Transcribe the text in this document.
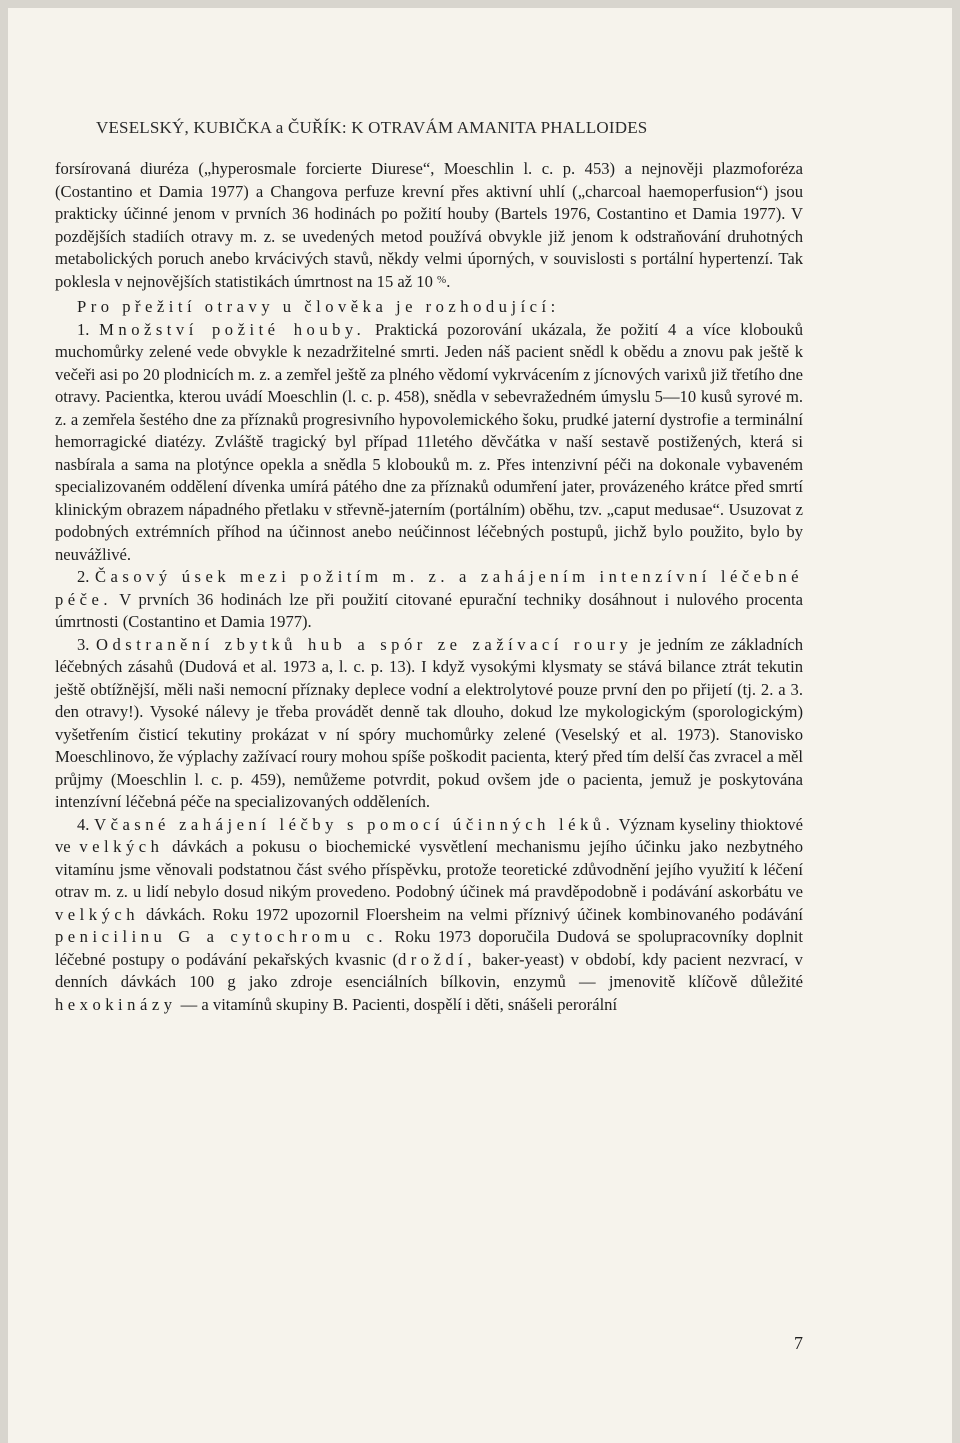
VESELSKÝ, KUBIČKA a ČUŘÍK: K OTRAVÁM AMANITA PHALLOIDES

forsírovaná diuréza („hyperosmale forcierte Diurese“, Moeschlin l. c. p. 453) a nejnověji plazmoforéza (Costantino et Damia 1977) a Changova perfuze krevní přes aktivní uhlí („charcoal haemoperfusion“) jsou prakticky účinné jenom v prvních 36 hodinách po požití houby (Bartels 1976, Costantino et Damia 1977). V pozdějších stadiích otravy m. z. se uvedených metod používá obvykle již jenom k odstraňování druhotných metabolických poruch anebo krvácivých stavů, někdy velmi úporných, v souvislosti s portální hypertenzí. Tak poklesla v nejnovějších statistikách úmrtnost na 15 až 10 %.

Pro přežití otravy u člověka je rozhodující:

1. Množství požité houby. Praktická pozorování ukázala, že požití 4 a více klobouků muchomůrky zelené vede obvykle k nezadržitelné smrti. Jeden náš pacient snědl k obědu a znovu pak ještě k večeři asi po 20 plodnicích m. z. a zemřel ještě za plného vědomí vykrvácením z jícnových varixů již třetího dne otravy. Pacientka, kterou uvádí Moeschlin (l. c. p. 458), snědla v sebevražedném úmyslu 5—10 kusů syrové m. z. a zemřela šestého dne za příznaků progresivního hypovolemického šoku, prudké jaterní dystrofie a terminální hemorragické diatézy. Zvláště tragický byl případ 11letého děvčátka v naší sestavě postižených, která si nasbírala a sama na plotýnce opekla a snědla 5 klobouků m. z. Přes intenzivní péči na dokonale vybaveném specializovaném oddělení dívenka umírá pátého dne za příznaků odumření jater, provázeného krátce před smrtí klinickým obrazem nápadného přetlaku v střevně-jaterním (portálním) oběhu, tzv. „caput medusae“. Usuzovat z podobných extrémních příhod na účinnost anebo neúčinnost léčebných postupů, jichž bylo použito, bylo by neuvážlivé.

2. Časový úsek mezi požitím m. z. a zahájením intenzívní léčebné péče. V prvních 36 hodinách lze při použití citované epurační techniky dosáhnout i nulového procenta úmrtnosti (Costantino et Damia 1977).

3. Odstranění zbytků hub a spór ze zažívací roury je jedním ze základních léčebných zásahů (Dudová et al. 1973 a, l. c. p. 13). I když vysokými klysmaty se stává bilance ztrát tekutin ještě obtížnější, měli naši nemocní příznaky deplece vodní a elektrolytové pouze první den po přijetí (tj. 2. a 3. den otravy!). Vysoké nálevy je třeba provádět denně tak dlouho, dokud lze mykologickým (sporologickým) vyšetřením čisticí tekutiny prokázat v ní spóry muchomůrky zelené (Veselský et al. 1973). Stanovisko Moeschlinovo, že výplachy zažívací roury mohou spíše poškodit pacienta, který před tím delší čas zvracel a měl průjmy (Moeschlin l. c. p. 459), nemůžeme potvrdit, pokud ovšem jde o pacienta, jemuž je poskytována intenzívní léčebná péče na specializovaných odděleních.

4. Včasné zahájení léčby s pomocí účinných léků. Význam kyseliny thioktové ve velkých dávkách a pokusu o biochemické vysvětlení mechanismu jejího účinku jako nezbytného vitamínu jsme věnovali podstatnou část svého příspěvku, protože teoretické zdůvodnění jejího využití k léčení otrav m. z. u lidí nebylo dosud nikým provedeno. Podobný účinek má pravděpodobně i podávání askorbátu ve velkých dávkách. Roku 1972 upozornil Floersheim na velmi příznivý účinek kombinovaného podávání penicilinu G a cytochromu c. Roku 1973 doporučila Dudová se spolupracovníky doplnit léčebné postupy o podávání pekařských kvasnic (droždí, baker-yeast) v období, kdy pacient nezvrací, v denních dávkách 100 g jako zdroje esenciálních bílkovin, enzymů — jmenovitě klíčově důležité hexokinázy — a vitamínů skupiny B. Pacienti, dospělí i děti, snášeli perorální

7
